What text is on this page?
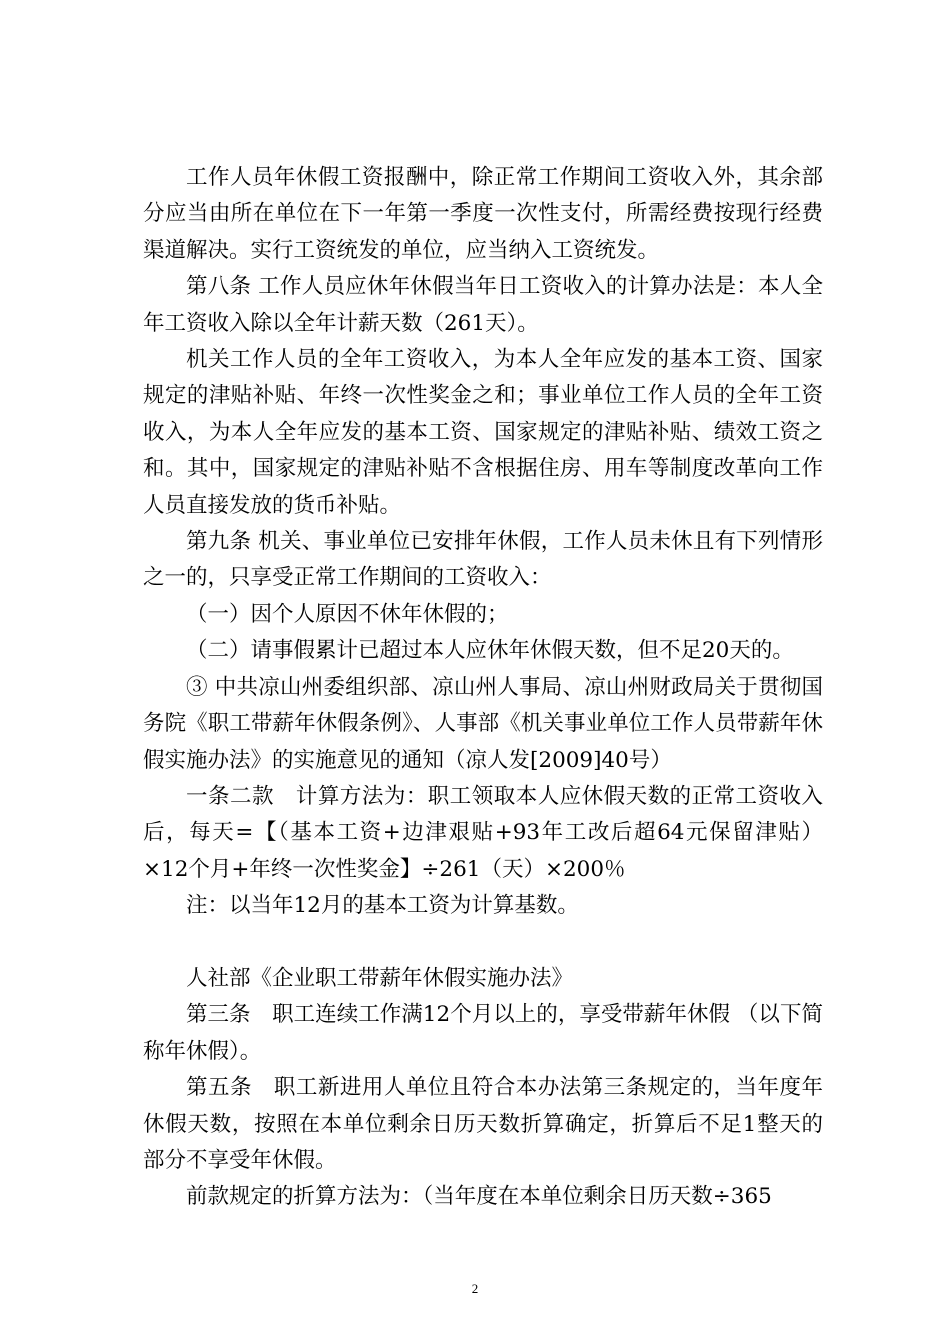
工作人员年休假工资报酬中，除正常工作期间工资收入外，其余部分应当由所在单位在下一年第一季度一次性支付，所需经费按现行经费渠道解决。实行工资统发的单位，应当纳入工资统发。

第八条 工作人员应休年休假当年日工资收入的计算办法是：本人全年工资收入除以全年计薪天数（261天）。

机关工作人员的全年工资收入，为本人全年应发的基本工资、国家规定的津贴补贴、年终一次性奖金之和；事业单位工作人员的全年工资收入，为本人全年应发的基本工资、国家规定的津贴补贴、绩效工资之和。其中，国家规定的津贴补贴不含根据住房、用车等制度改革向工作人员直接发放的货币补贴。

第九条 机关、事业单位已安排年休假，工作人员未休且有下列情形之一的，只享受正常工作期间的工资收入：

（一）因个人原因不休年休假的；

（二）请事假累计已超过本人应休年休假天数，但不足20天的。

③ 中共凉山州委组织部、凉山州人事局、凉山州财政局关于贯彻国务院《职工带薪年休假条例》、人事部《机关事业单位工作人员带薪年休假实施办法》的实施意见的通知（凉人发[2009]40号）

一条二款　计算方法为：职工领取本人应休假天数的正常工资收入后，每天=【（基本工资+边津艰贴+93年工改后超64元保留津贴）×12个月+年终一次性奖金】÷261（天）×200％

注：以当年12月的基本工资为计算基数。

人社部《企业职工带薪年休假实施办法》

第三条　职工连续工作满12个月以上的，享受带薪年休假 （以下简称年休假）。

第五条　职工新进用人单位且符合本办法第三条规定的，当年度年休假天数，按照在本单位剩余日历天数折算确定，折算后不足1整天的部分不享受年休假。

前款规定的折算方法为：（当年度在本单位剩余日历天数÷365

2
